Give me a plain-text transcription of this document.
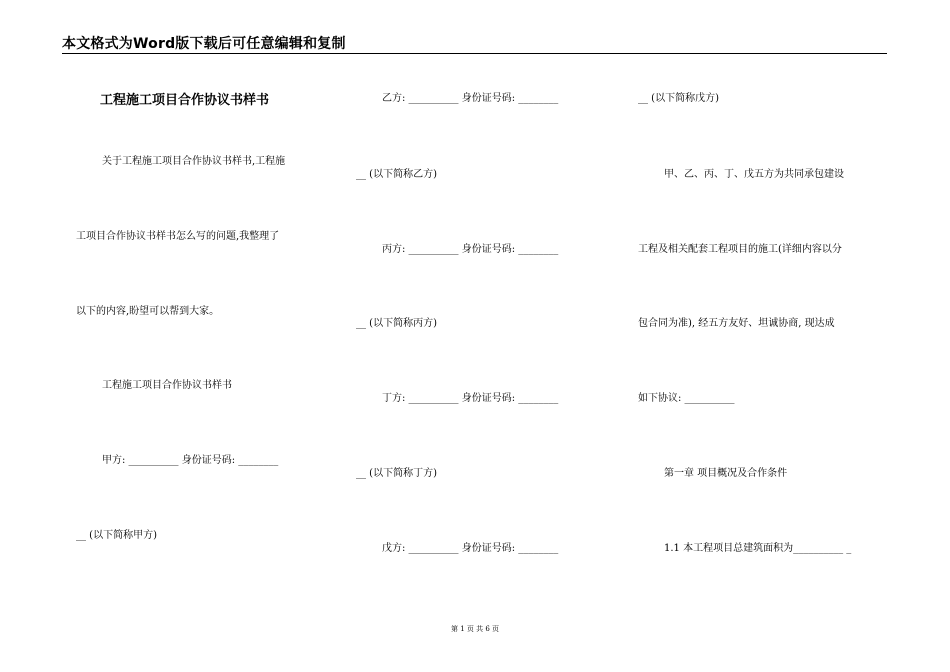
本文格式为Word版下载后可任意编辑和复制
工程施工项目合作协议书样书
关于工程施工项目合作协议书样书,工程施
工项目合作协议书样书怎么写的问题,我整理了
以下的内容,盼望可以帮到大家。
工程施工项目合作协议书样书
甲方: __________ 身份证号码: ________
__ (以下简称甲方)
乙方: __________ 身份证号码: ________
__ (以下简称乙方)
丙方: __________ 身份证号码: ________
__ (以下简称丙方)
丁方: __________ 身份证号码: ________
__ (以下简称丁方)
戊方: __________ 身份证号码: ________
__ (以下简称戊方)
甲、乙、丙、丁、戊五方为共同承包建设
工程及相关配套工程项目的施工(详细内容以分
包合同为准), 经五方友好、坦诚协商, 现达成
如下协议: __________
第一章 项目概况及合作条件
1.1 本工程项目总建筑面积为__________ _
第 1 页 共 6 页
